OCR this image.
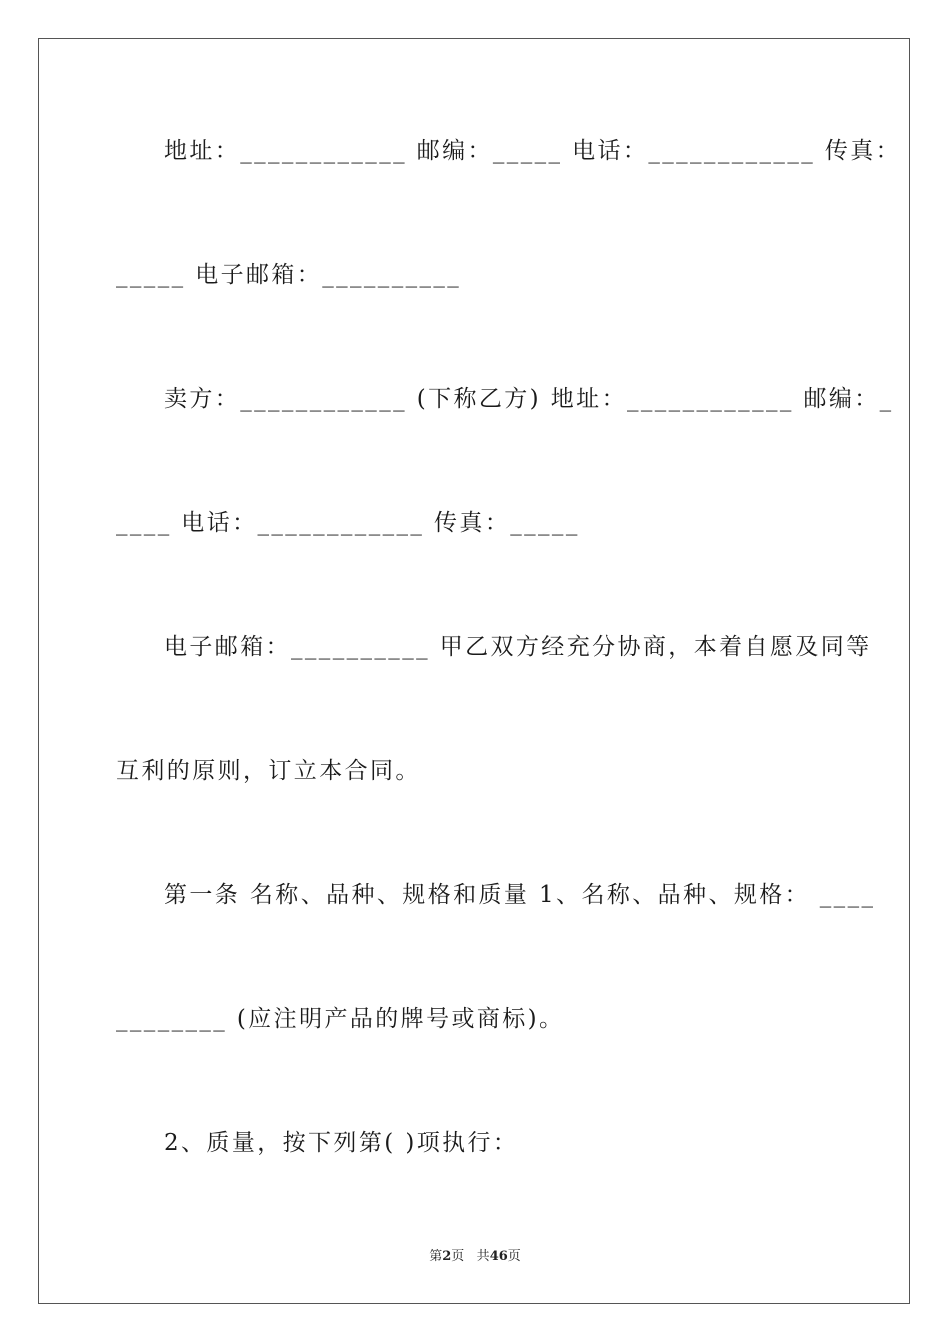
地址：____________ 邮编：_____ 电话：____________ 传真：
_____ 电子邮箱：__________
卖方：____________ (下称乙方) 地址：____________ 邮编：_
____ 电话：____________ 传真：_____
电子邮箱：__________ 甲乙双方经充分协商，本着自愿及同等
互利的原则，订立本合同。
第一条 名称、品种、规格和质量 1、名称、品种、规格： ____
________ (应注明产品的牌号或商标)。
2、质量，按下列第( )项执行：
第2页 共46页
